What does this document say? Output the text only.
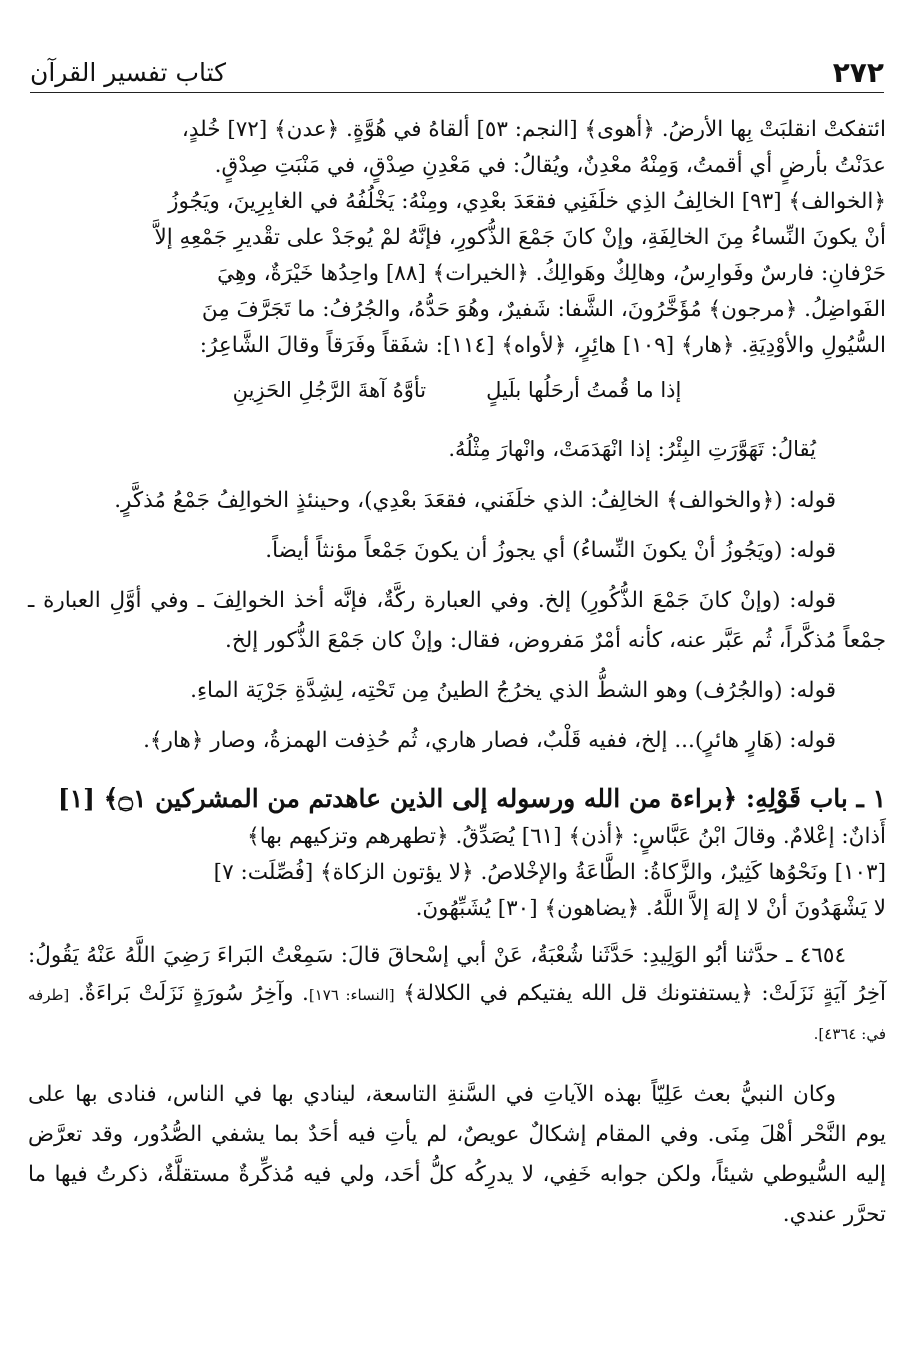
٢٧٢
كتاب تفسير القرآن

ائتفكتْ انقلبَتْ بِها الأرضُ. ﴿أهوى﴾ [النجم: ٥٣] ألقاهُ في هُوَّةٍ. ﴿عدن﴾ [٧٢] خُلدٍ،

عدَنْتُ بأرضٍ أي أقمتُ، وَمِنْهُ معْدِنٌ، ويُقالُ: في مَعْدِنِ صِدْقٍ، في مَنْبَتِ صِدْقٍ.

﴿الخوالف﴾ [٩٣] الخالِفُ الذِي خلَفَنِي فقعَدَ بعْدِي، ومِنْهُ: يَخْلُفُهُ في الغابِرِينَ، ويَجُوزُ

أنْ يكونَ النِّساءُ مِنَ الخالِفَةِ، وإنْ كانَ جَمْعَ الذُّكورِ، فإنَّهُ لمْ يُوجَدْ على تقْديرِ جَمْعِهِ إلاَّ

حَرْفانِ: فارسٌ وفَوارِسُ، وهالِكٌ وهَوالِكُ. ﴿الخيرات﴾ [٨٨] واحِدُها خَيْرَةٌ، وهِيَ

الفَواضِلُ. ﴿مرجون﴾ مُؤَخَّرُونَ، الشَّفا: شَفيرٌ، وهُوَ حَدُّهُ، والجُرُفُ: ما تَجَرَّفَ مِنَ

السُّيُولِ والأوْدِيَةِ. ﴿هار﴾ [١٠٩] هائِرٍ، ﴿لأواه﴾ [١١٤]: شفَقاً وفَرَقاً وقالَ الشَّاعِرُ:

إذا ما قُمتُ أرحَلُها بلَيلٍ
تأوَّهُ آهةَ الرَّجُلِ الحَزِينِ

يُقالُ: تَهَوَّرَتِ البِئْرُ: إذا انْهَدَمَتْ، وانْهارَ مِثْلُهُ.

قوله: (﴿والخوالف﴾ الخالِفُ: الذي خلَفَني، فقعَدَ بعْدِي)، وحينئذٍ الخوالِفُ جَمْعُ مُذكَّرٍ.

قوله: (ويَجُوزُ أنْ يكونَ النِّساءُ) أي يجوزُ أن يكونَ جَمْعاً مؤنثاً أيضاً.

قوله: (وإنْ كانَ جَمْعَ الذُّكُورِ) إلخ. وفي العبارة ركَّةٌ، فإنَّه أخذ الخوالِفَ ـ وفي أوَّلِ العبارة ـ جمْعاً مُذكَّراً، ثُم عَبَّر عنه، كأنه أمْرٌ مَفروض، فقال: وإنْ كان جَمْعَ الذُّكور إلخ.

قوله: (والجُرُف) وهو الشطُّ الذي يخرُجُ الطينُ مِن تَحْتِه، لِشِدَّةِ جَرْيَة الماءِ.

قوله: (هَارٍ هائرٍ)... إلخ، ففيه قَلْبٌ، فصار هاري، ثُم حُذِفت الهمزةُ، وصار ﴿هار﴾.

١ ـ باب قَوْلِهِ: ﴿براءة من الله ورسوله إلى الذين عاهدتم من المشركين ۝١﴾ [١]

أَذانٌ: إعْلامٌ. وقالَ ابْنُ عَبَّاسٍ: ﴿أذن﴾ [٦١] يُصَدِّقُ. ﴿تطهرهم وتزكيهم بها﴾

[١٠٣] ونَحْوُها كَثِيرٌ، والزَّكاةُ: الطَّاعَةُ والإخْلاصُ. ﴿لا يؤتون الزكاة﴾ [فُصِّلَت: ٧]

لا يَشْهَدُونَ أنْ لا إلهَ إلاَّ اللَّهُ. ﴿يضاهون﴾ [٣٠] يُشَبِّهُونَ.

٤٦٥٤ ـ حدَّثنا أبُو الوَلِيدِ: حَدَّثَنا شُعْبَةُ، عَنْ أبي إسْحاقَ قالَ: سَمِعْتُ البَراءَ رَضِيَ اللَّهُ عَنْهُ يَقُولُ: آخِرُ آيَةٍ نَزَلَتْ: ﴿يستفتونك قل الله يفتيكم في الكلالة﴾ [النساء: ١٧٦]. وآخِرُ سُورَةٍ نَزَلَتْ بَراءَةٌ. [طرفه في: ٤٣٦٤].

وكان النبيُّ بعث عَلِيّاً بهذه الآياتِ في السَّنةِ التاسعة، لينادي بها في الناس، فنادى بها على يوم النَّحْر أهْلَ مِنَى. وفي المقام إشكالٌ عويصٌ، لم يأتِ فيه أحَدٌ بما يشفي الصُّدُور، وقد تعرَّض إليه السُّيوطي شيئاً، ولكن جوابه خَفِي، لا يدرِكُه كلُّ أحَد، ولي فيه مُذكِّرةٌ مستقلَّةٌ، ذكرتُ فيها ما تحرَّر عندي.
